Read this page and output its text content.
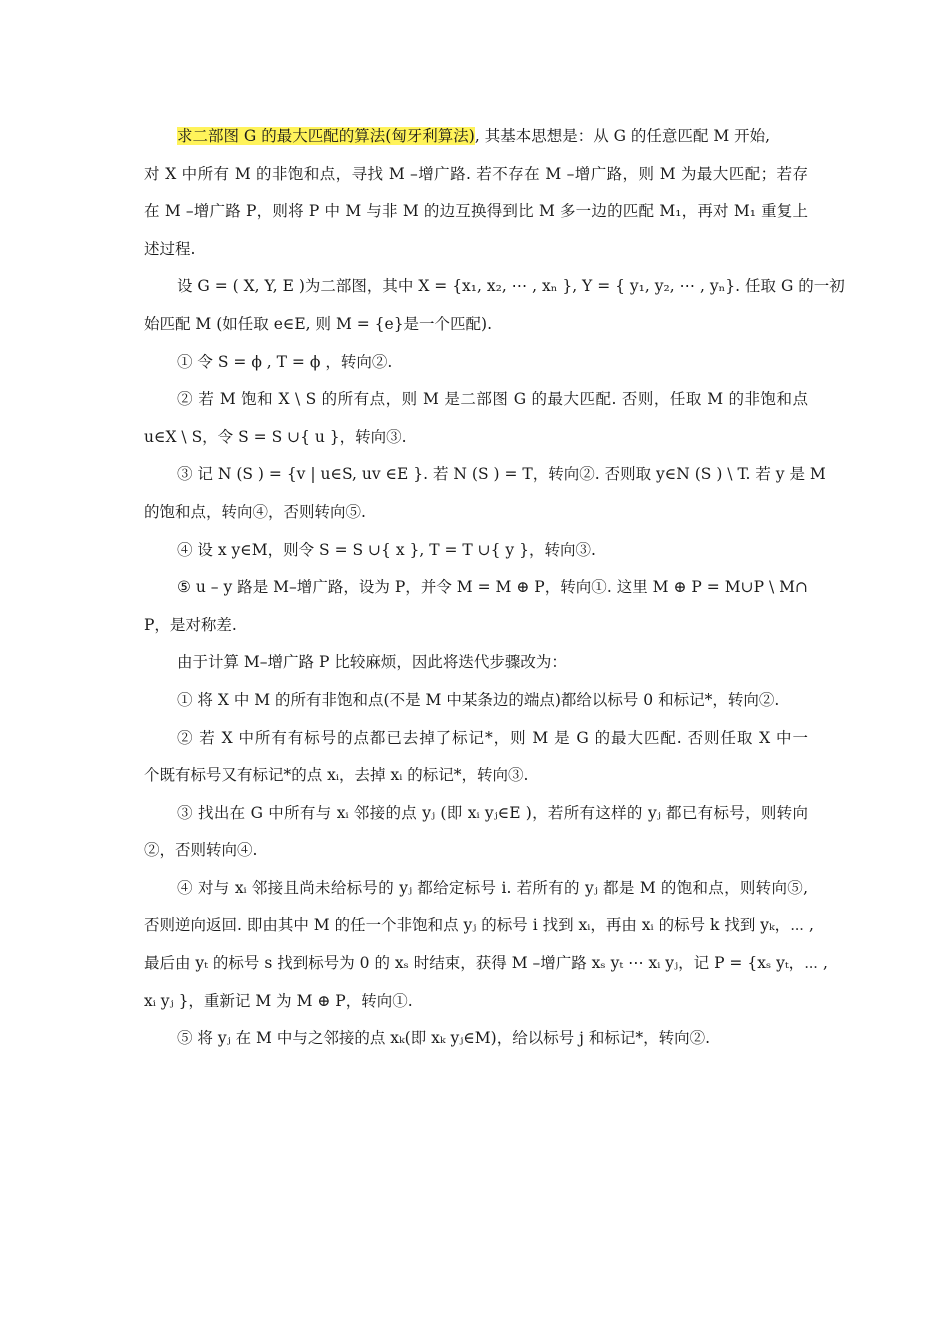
求二部图 G 的最大匹配的算法(匈牙利算法), 其基本思想是：从 G 的任意匹配 M 开始,
对 X 中所有 M 的非饱和点，寻找 M –增广路. 若不存在 M –增广路，则 M 为最大匹配；若存
在 M –增广路 P，则将 P 中 M 与非 M 的边互换得到比 M 多一边的匹配 M₁，再对 M₁ 重复上
述过程.
设 G = ( X, Y, E )为二部图，其中 X = {x₁, x₂, ⋯ , xₙ }, Y = { y₁, y₂, ⋯ , yₙ}. 任取 G 的一初
始匹配 M (如任取 e∈E, 则 M = {e}是一个匹配).
① 令 S = ϕ , T = ϕ ，转向②.
② 若 M 饱和 X \ S 的所有点，则 M 是二部图 G 的最大匹配. 否则，任取 M 的非饱和点
u∈X \ S，令 S = S ∪{ u }，转向③.
③ 记 N (S ) = {v | u∈S, uv ∈E }. 若 N (S ) = T，转向②. 否则取 y∈N (S ) \ T. 若 y 是 M
的饱和点，转向④，否则转向⑤.
④ 设 x y∈M，则令 S = S ∪{ x }, T = T ∪{ y }，转向③.
⑤ u – y 路是 M–增广路，设为 P，并令 M = M ⊕ P，转向①. 这里 M ⊕ P = M∪P \ M∩
P，是对称差.
由于计算 M–增广路 P 比较麻烦，因此将迭代步骤改为：
① 将 X 中 M 的所有非饱和点(不是 M 中某条边的端点)都给以标号 0 和标记*，转向②.
② 若 X 中所有有标号的点都已去掉了标记*，则 M 是 G 的最大匹配. 否则任取 X 中一
个既有标号又有标记*的点 xᵢ，去掉 xᵢ 的标记*，转向③.
③ 找出在 G 中所有与 xᵢ 邻接的点 yⱼ (即 xᵢ yⱼ∈E )，若所有这样的 yⱼ 都已有标号，则转向
②，否则转向④.
④ 对与 xᵢ 邻接且尚未给标号的 yⱼ 都给定标号 i. 若所有的 yⱼ 都是 M 的饱和点，则转向⑤,
否则逆向返回. 即由其中 M 的任一个非饱和点 yⱼ 的标号 i 找到 xᵢ，再由 xᵢ 的标号 k 找到 yₖ，⋯ ,
最后由 yₜ 的标号 s 找到标号为 0 的 xₛ 时结束，获得 M –增广路 xₛ yₜ ⋯ xᵢ yⱼ，记 P = {xₛ yₜ，⋯ ,
xᵢ yⱼ }，重新记 M 为 M ⊕ P，转向①.
⑤ 将 yⱼ 在 M 中与之邻接的点 xₖ(即 xₖ yⱼ∈M)，给以标号 j 和标记*，转向②.
